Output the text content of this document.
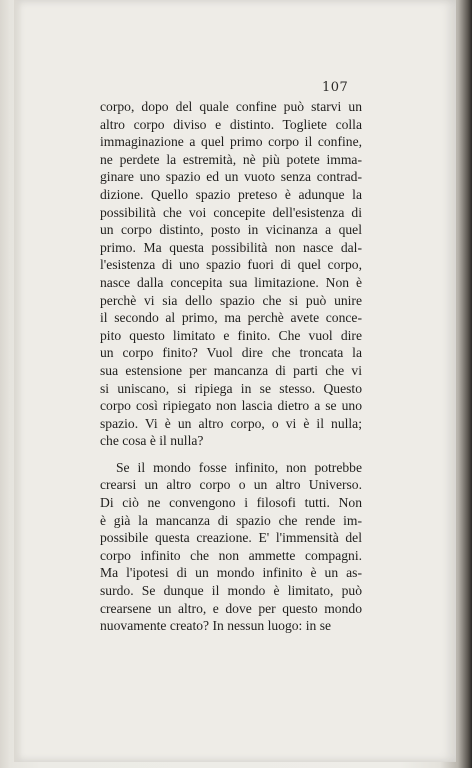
107
corpo, dopo del quale confine può starvi un
altro corpo diviso e distinto. Togliete colla
immaginazione a quel primo corpo il confine,
ne perdete la estremità, nè più potete imma-
ginare uno spazio ed un vuoto senza contrad-
dizione. Quello spazio preteso è adunque la
possibilità che voi concepite dell'esistenza di
un corpo distinto, posto in vicinanza a quel
primo. Ma questa possibilità non nasce dal-
l'esistenza di uno spazio fuori di quel corpo,
nasce dalla concepita sua limitazione. Non è
perchè vi sia dello spazio che si può unire
il secondo al primo, ma perchè avete conce-
pito questo limitato e finito. Che vuol dire
un corpo finito? Vuol dire che troncata la
sua estensione per mancanza di parti che vi
si uniscano, si ripiega in se stesso. Questo
corpo così ripiegato non lascia dietro a se uno
spazio. Vi è un altro corpo, o vi è il nulla;
che cosa è il nulla?
Se il mondo fosse infinito, non potrebbe
crearsi un altro corpo o un altro Universo.
Di ciò ne convengono i filosofi tutti. Non
è già la mancanza di spazio che rende im-
possibile questa creazione. E' l'immensità del
corpo infinito che non ammette compagni.
Ma l'ipotesi di un mondo infinito è un as-
surdo. Se dunque il mondo è limitato, può
crearsene un altro, e dove per questo mondo
nuovamente creato? In nessun luogo: in se
